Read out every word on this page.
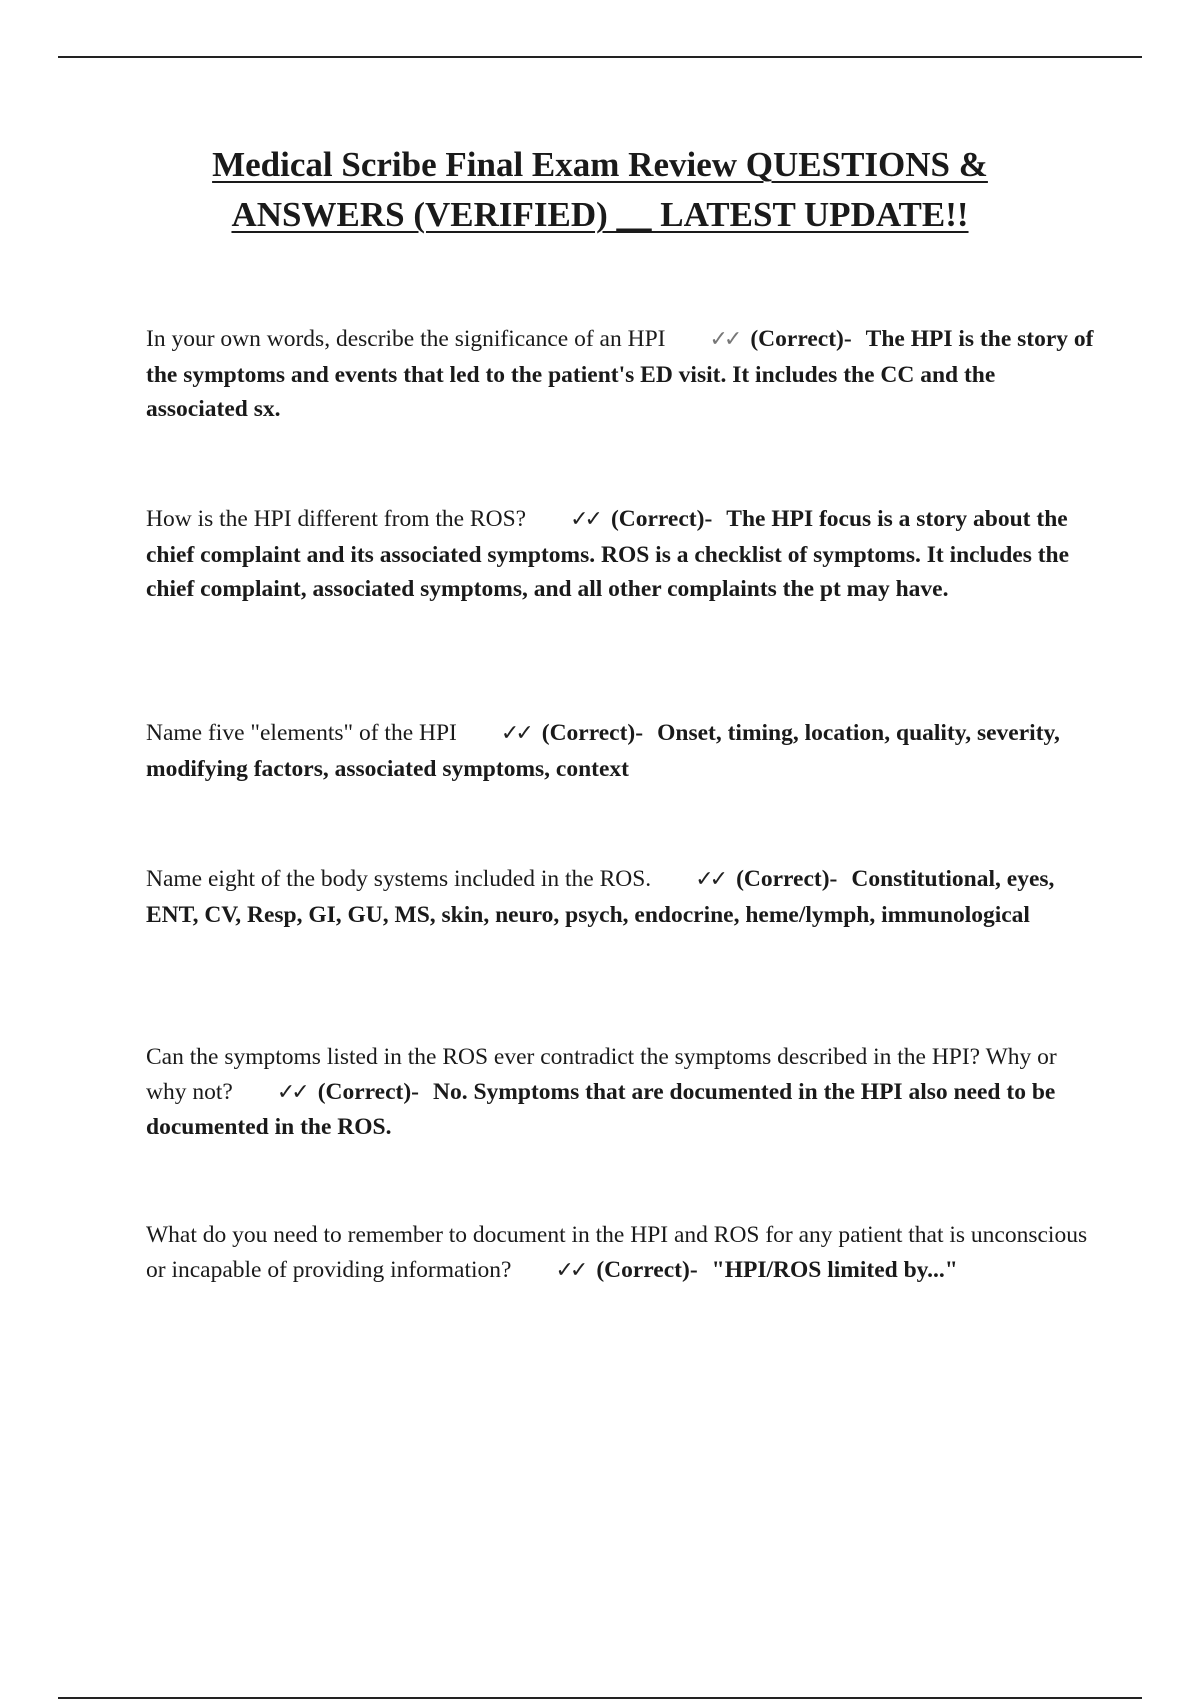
Medical Scribe Final Exam Review QUESTIONS &
ANSWERS (VERIFIED) __ LATEST UPDATE!!
In your own words, describe the significance of an HPI ✓✓ (Correct)- The HPI is the story of the symptoms and events that led to the patient's ED visit. It includes the CC and the associated sx.
How is the HPI different from the ROS? ✓✓ (Correct)- The HPI focus is a story about the chief complaint and its associated symptoms. ROS is a checklist of symptoms. It includes the chief complaint, associated symptoms, and all other complaints the pt may have.
Name five "elements" of the HPI ✓✓ (Correct)- Onset, timing, location, quality, severity, modifying factors, associated symptoms, context
Name eight of the body systems included in the ROS. ✓✓ (Correct)- Constitutional, eyes, ENT, CV, Resp, GI, GU, MS, skin, neuro, psych, endocrine, heme/lymph, immunological
Can the symptoms listed in the ROS ever contradict the symptoms described in the HPI? Why or why not? ✓✓ (Correct)- No. Symptoms that are documented in the HPI also need to be documented in the ROS.
What do you need to remember to document in the HPI and ROS for any patient that is unconscious or incapable of providing information? ✓✓ (Correct)- "HPI/ROS limited by..."
